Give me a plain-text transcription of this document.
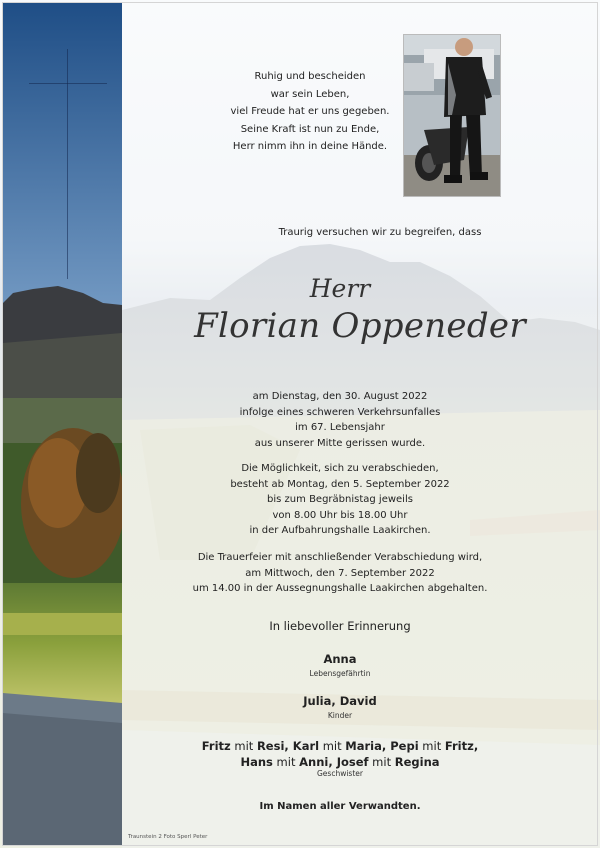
Ruhig und bescheiden
war sein Leben,
viel Freude hat er uns gegeben.
Seine Kraft ist nun zu Ende,
Herr nimm ihn in deine Hände.
Traurig versuchen wir zu begreifen, dass
Herr
Florian Oppeneder
am Dienstag, den 30. August 2022
infolge eines schweren Verkehrsunfalles
im 67. Lebensjahr
aus unserer Mitte gerissen wurde.
Die Möglichkeit, sich zu verabschieden,
besteht ab Montag, den 5. September 2022
bis zum Begräbnistag jeweils
von 8.00 Uhr bis 18.00 Uhr
in der Aufbahrungshalle Laakirchen.
Die Trauerfeier mit anschließender Verabschiedung wird,
am Mittwoch, den 7. September 2022
um 14.00 in der Aussegnungshalle Laakirchen abgehalten.
In liebevoller Erinnerung
Anna
Lebensgefährtin
Julia, David
Kinder
Fritz mit Resi, Karl mit Maria, Pepi mit Fritz,
Hans mit Anni, Josef mit Regina
Geschwister
Im Namen aller Verwandten.
Traunstein 2 Foto Sperl Peter
